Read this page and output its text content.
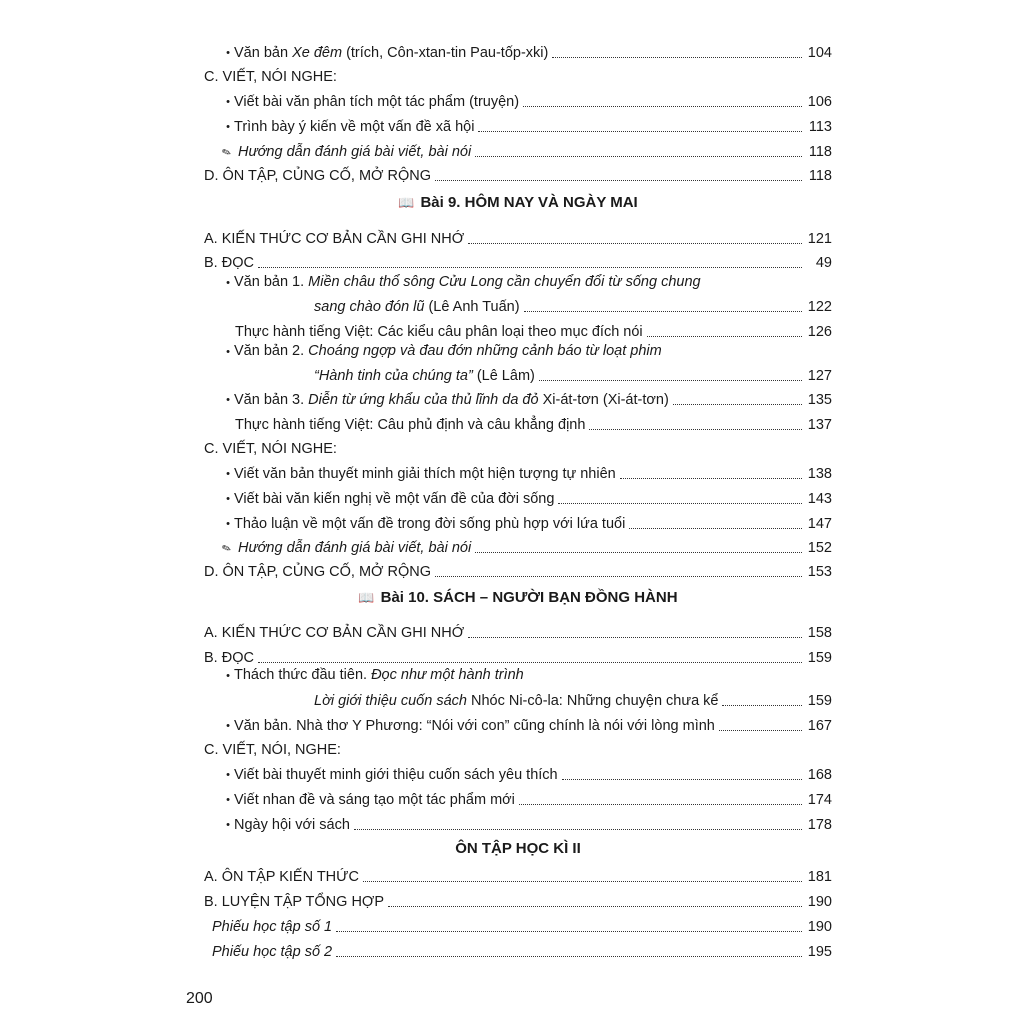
• Văn bản Xe đêm (trích, Côn-xtan-tin Pau-tốp-xki)	104
C. VIẾT, NÓI NGHE:
• Viết bài văn phân tích một tác phẩm (truyện)	106
• Trình bày ý kiến về một vấn đề xã hội	113
✎ Hướng dẫn đánh giá bài viết, bài nói	118
D. ÔN TẬP, CỦNG CỐ, MỞ RỘNG	118
📖 Bài 9. HÔM NAY VÀ NGÀY MAI
A. KIẾN THỨC CƠ BẢN CẦN GHI NHỚ	121
B. ĐỌC	49
• Văn bản 1. Miền châu thổ sông Cửu Long cần chuyển đổi từ sống chung
sang chào đón lũ (Lê Anh Tuấn)	122
Thực hành tiếng Việt: Các kiểu câu phân loại theo mục đích nói	126
• Văn bản 2. Choáng ngợp và đau đớn những cảnh báo từ loạt phim
“Hành tinh của chúng ta” (Lê Lâm)	127
• Văn bản 3. Diễn từ ứng khẩu của thủ lĩnh da đỏ Xi-át-tơn (Xi-át-tơn)	135
Thực hành tiếng Việt: Câu phủ định và câu khẳng định	137
C. VIẾT, NÓI NGHE:
• Viết văn bản thuyết minh giải thích một hiện tượng tự nhiên	138
• Viết bài văn kiến nghị về một vấn đề của đời sống	143
• Thảo luận về một vấn đề trong đời sống phù hợp với lứa tuổi	147
✎ Hướng dẫn đánh giá bài viết, bài nói	152
D. ÔN TẬP, CỦNG CỐ, MỞ RỘNG	153
📖 Bài 10. SÁCH – NGƯỜI BẠN ĐỒNG HÀNH
A. KIẾN THỨC CƠ BẢN CẦN GHI NHỚ	158
B. ĐỌC	159
• Thách thức đầu tiên. Đọc như một hành trình
Lời giới thiệu cuốn sách Nhóc Ni-cô-la: Những chuyện chưa kể	159
• Văn bản. Nhà thơ Y Phương: “Nói với con” cũng chính là nói với lòng mình	167
C. VIẾT, NÓI, NGHE:
• Viết bài thuyết minh giới thiệu cuốn sách yêu thích	168
• Viết nhan đề và sáng tạo một tác phẩm mới	174
• Ngày hội với sách	178
ÔN TẬP HỌC KÌ II
A. ÔN TẬP KIẾN THỨC	181
B. LUYỆN TẬP TỔNG HỢP	190
Phiếu học tập số 1	190
Phiếu học tập số 2	195
200
